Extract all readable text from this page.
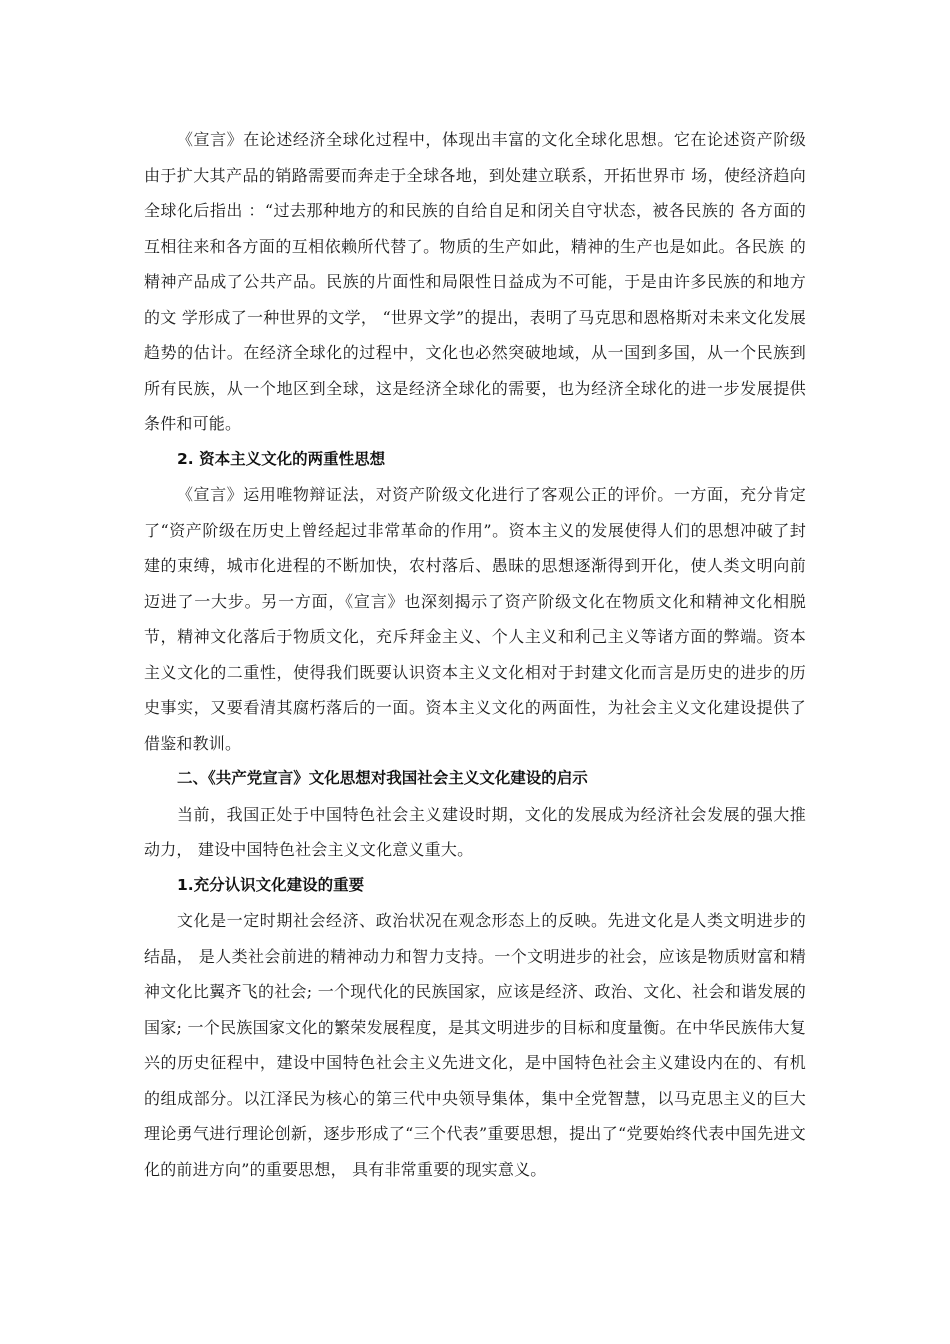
《宣言》在论述经济全球化过程中，体现出丰富的文化全球化思想。它在论述资产阶级由于扩大其产品的销路需要而奔走于全球各地，到处建立联系，开拓世界市 场，使经济趋向全球化后指出 ：“过去那种地方的和民族的自给自足和闭关自守状态，被各民族的 各方面的互相往来和各方面的互相依赖所代替了。物质的生产如此，精神的生产也是如此。各民族 的精神产品成了公共产品。民族的片面性和局限性日益成为不可能，于是由许多民族的和地方的文 学形成了一种世界的文学， “世界文学”的提出，表明了马克思和恩格斯对未来文化发展趋势的估计。在经济全球化的过程中，文化也必然突破地域，从一国到多国，从一个民族到所有民族，从一个地区到全球，这是经济全球化的需要，也为经济全球化的进一步发展提供条件和可能。

2. 资本主义文化的两重性思想

《宣言》运用唯物辩证法，对资产阶级文化进行了客观公正的评价。一方面，充分肯定了“资产阶级在历史上曾经起过非常革命的作用”。资本主义的发展使得人们的思想冲破了封建的束缚，城市化进程的不断加快，农村落后、愚昧的思想逐渐得到开化，使人类文明向前迈进了一大步。另一方面，《宣言》也深刻揭示了资产阶级文化在物质文化和精神文化相脱节，精神文化落后于物质文化，充斥拜金主义、个人主义和利己主义等诸方面的弊端。资本主义文化的二重性，使得我们既要认识资本主义文化相对于封建文化而言是历史的进步的历史事实，又要看清其腐朽落后的一面。资本主义文化的两面性，为社会主义文化建设提供了借鉴和教训。

二、《共产党宣言》文化思想对我国社会主义文化建设的启示

当前，我国正处于中国特色社会主义建设时期，文化的发展成为经济社会发展的强大推动力， 建设中国特色社会主义文化意义重大。

1.充分认识文化建设的重要

文化是一定时期社会经济、政治状况在观念形态上的反映。先进文化是人类文明进步的结晶， 是人类社会前进的精神动力和智力支持。一个文明进步的社会，应该是物质财富和精神文化比翼齐飞的社会; 一个现代化的民族国家，应该是经济、政治、文化、社会和谐发展的国家; 一个民族国家文化的繁荣发展程度，是其文明进步的目标和度量衡。在中华民族伟大复兴的历史征程中，建设中国特色社会主义先进文化，是中国特色社会主义建设内在的、有机的组成部分。以江泽民为核心的第三代中央领导集体，集中全党智慧，以马克思主义的巨大理论勇气进行理论创新，逐步形成了“三个代表”重要思想，提出了“党要始终代表中国先进文化的前进方向”的重要思想， 具有非常重要的现实意义。
